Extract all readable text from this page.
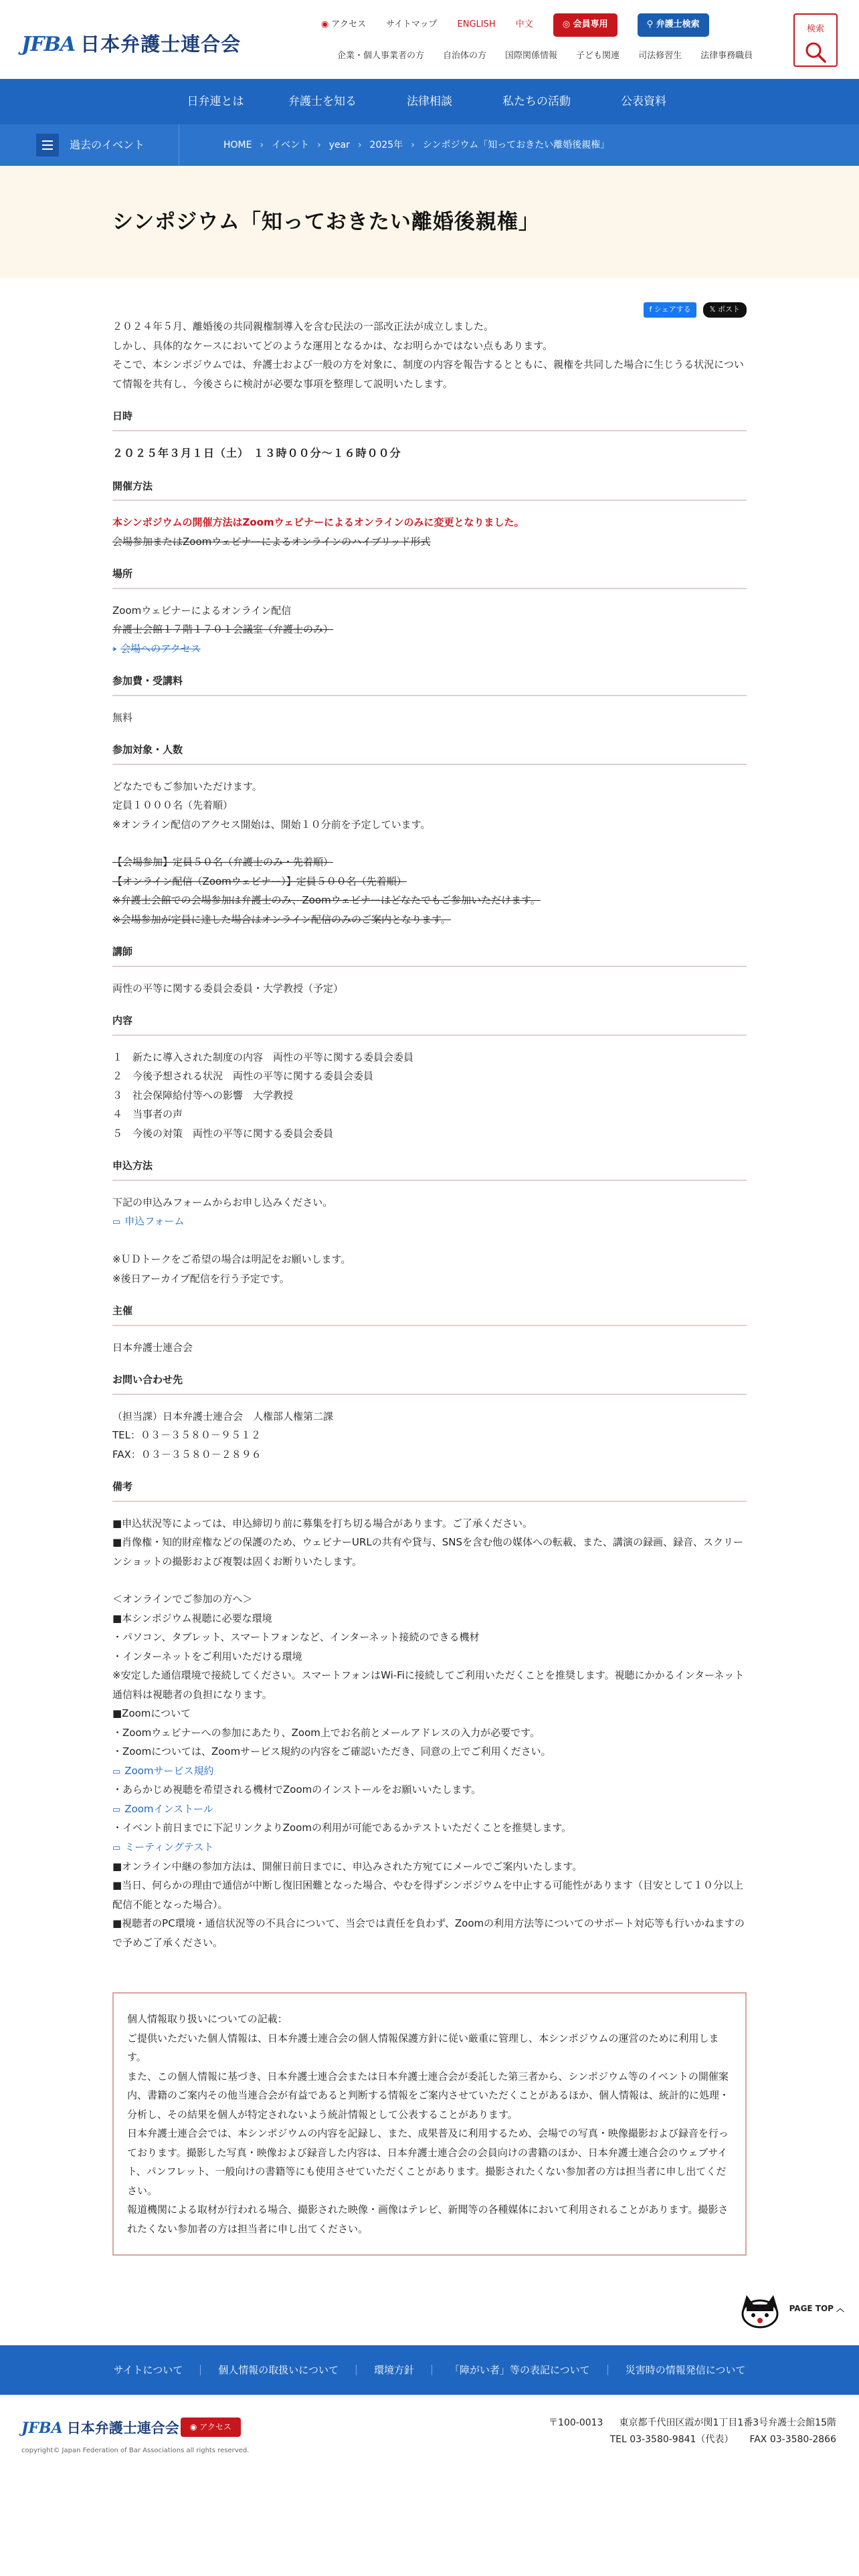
JFBA 日本弁護士連合会
◉ アクセス サイトマップ ENGLISH 中文	◎ 会員専用	⚲ 弁護士検索
企業・個人事業者の方 自治体の方 国際関係情報 子ども関連 司法修習生 法律事務職員
検索
日弁連とは	弁護士を知る	法律相談	私たちの活動	公表資料
過去のイベント	HOME › イベント › year › 2025年 › シンポジウム「知っておきたい離婚後親権」
シンポジウム「知っておきたい離婚後親権」
f シェアする	𝕏 ポスト

２０２４年５月、離婚後の共同親権制導入を含む民法の一部改正法が成立しました。

しかし、具体的なケースにおいてどのような運用となるかは、なお明らかではない点もあります。

そこで、本シンポジウムでは、弁護士および一般の方を対象に、制度の内容を報告するとともに、親権を共同した場合に生じうる状況について情報を共有し、今後さらに検討が必要な事項を整理して説明いたします。

日時

２０２５年３月１日（土） １３時００分～１６時００分

開催方法

本シンポジウムの開催方法はZoomウェビナーによるオンラインのみに変更となりました。

会場参加またはZoomウェビナーによるオンラインのハイブリッド形式

場所

Zoomウェビナーによるオンライン配信

弁護士会館１７階１７０１会議室（弁護士のみ）

› 会場へのアクセス

参加費・受講料

無料

参加対象・人数

どなたでもご参加いただけます。

定員１０００名（先着順）

※オンライン配信のアクセス開始は、開始１０分前を予定しています。

【会場参加】定員５０名（弁護士のみ・先着順）

【オンライン配信（Zoomウェビナー）】定員５００名（先着順）

※弁護士会館での会場参加は弁護士のみ、Zoomウェビナーはどなたでもご参加いただけます。

※会場参加が定員に達した場合はオンライン配信のみのご案内となります。

講師

両性の平等に関する委員会委員・大学教授（予定）

内容

１　新たに導入された制度の内容　両性の平等に関する委員会委員

２　今後予想される状況　両性の平等に関する委員会委員

３　社会保障給付等への影響　大学教授

４　当事者の声

５　今後の対策　両性の平等に関する委員会委員

申込方法

下記の申込みフォームからお申し込みください。

▭ 申込フォーム

※ＵＤトークをご希望の場合は明記をお願いします。

※後日アーカイブ配信を行う予定です。

主催

日本弁護士連合会

お問い合わせ先

（担当課）日本弁護士連合会　人権部人権第二課

TEL：０３－３５８０－９５１２

FAX：０３－３５８０－２８９６

備考

■申込状況等によっては、申込締切り前に募集を打ち切る場合があります。ご了承ください。

■肖像権・知的財産権などの保護のため、ウェビナーURLの共有や貸与、SNSを含む他の媒体への転載、また、講演の録画、録音、スクリーンショットの撮影および複製は固くお断りいたします。

＜オンラインでご参加の方へ＞

■本シンポジウム視聴に必要な環境

・パソコン、タブレット、スマートフォンなど、インターネット接続のできる機材

・インターネットをご利用いただける環境

※安定した通信環境で接続してください。スマートフォンはWi-Fiに接続してご利用いただくことを推奨します。視聴にかかるインターネット通信料は視聴者の負担になります。

■Zoomについて

・Zoomウェビナーへの参加にあたり、Zoom上でお名前とメールアドレスの入力が必要です。

・Zoomについては、Zoomサービス規約の内容をご確認いただき、同意の上でご利用ください。

▭ Zoomサービス規約

・あらかじめ視聴を希望される機材でZoomのインストールをお願いいたします。

▭ Zoomインストール

・イベント前日までに下記リンクよりZoomの利用が可能であるかテストいただくことを推奨します。

▭ ミーティングテスト

■オンライン中継の参加方法は、開催日前日までに、申込みされた方宛てにメールでご案内いたします。

■当日、何らかの理由で通信が中断し復旧困難となった場合、やむを得ずシンポジウムを中止する可能性があります（目安として１０分以上配信不能となった場合）。

■視聴者のPC環境・通信状況等の不具合について、当会では責任を負わず、Zoomの利用方法等についてのサポート対応等も行いかねますので予めご了承ください。

個人情報取り扱いについての記載：

ご提供いただいた個人情報は、日本弁護士連合会の個人情報保護方針に従い厳重に管理し、本シンポジウムの運営のために利用します。

また、この個人情報に基づき、日本弁護士連合会または日本弁護士連合会が委託した第三者から、シンポジウム等のイベントの開催案内、書籍のご案内その他当連合会が有益であると判断する情報をご案内させていただくことがあるほか、個人情報は、統計的に処理・分析し、その結果を個人が特定されないよう統計情報として公表することがあります。

日本弁護士連合会では、本シンポジウムの内容を記録し、また、成果普及に利用するため、会場での写真・映像撮影および録音を行っております。撮影した写真・映像および録音した内容は、日本弁護士連合会の会員向けの書籍のほか、日本弁護士連合会のウェブサイト、パンフレット、一般向けの書籍等にも使用させていただくことがあります。撮影されたくない参加者の方は担当者に申し出てください。

報道機関による取材が行われる場合、撮影された映像・画像はテレビ、新聞等の各種媒体において利用されることがあります。撮影されたくない参加者の方は担当者に申し出てください。

PAGE TOP ︿
サイトについて	個人情報の取扱いについて	環境方針	「障がい者」等の表記について	災害時の情報発信について
JFBA 日本弁護士連合会	◉ アクセス
copyright© Japan Federation of Bar Associations all rights reserved.
〒100-0013 東京都千代田区霞が関1丁目1番3号弁護士会館15階
TEL 03-3580-9841（代表） FAX 03-3580-2866
